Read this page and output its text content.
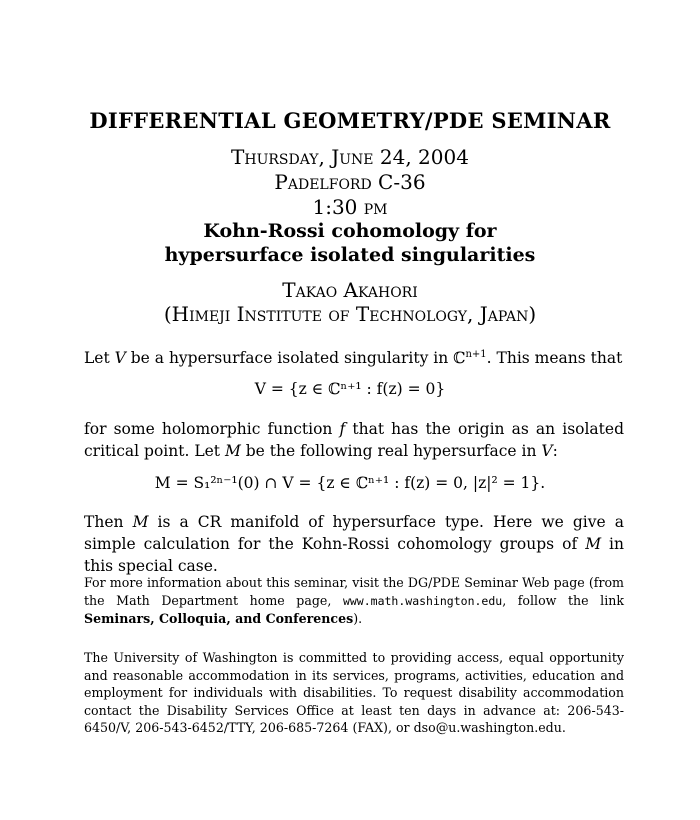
DIFFERENTIAL GEOMETRY/PDE SEMINAR
Thursday, June 24, 2004
Padelford C-36
1:30 pm
Kohn-Rossi cohomology for
hypersurface isolated singularities
Takao Akahori
(Himeji Institute of Technology, Japan)
Let V be a hypersurface isolated singularity in ℂ$^{n+1}$. This means that
V = {z ∈ ℂⁿ⁺¹ : f(z) = 0}
for some holomorphic function f that has the origin as an isolated critical point. Let M be the following real hypersurface in V:
M = S₁²ⁿ⁻¹(0) ∩ V = {z ∈ ℂⁿ⁺¹ : f(z) = 0, |z|² = 1}.
Then M is a CR manifold of hypersurface type. Here we give a simple calculation for the Kohn-Rossi cohomology groups of M in this special case.
For more information about this seminar, visit the DG/PDE Seminar Web page (from the Math Department home page, www.math.washington.edu, follow the link Seminars, Colloquia, and Conferences).
The University of Washington is committed to providing access, equal opportunity and reasonable accommodation in its services, programs, activities, education and employment for individuals with disabilities. To request disability accommodation contact the Disability Services Office at least ten days in advance at: 206-543-6450/V, 206-543-6452/TTY, 206-685-7264 (FAX), or dso@u.washington.edu.
